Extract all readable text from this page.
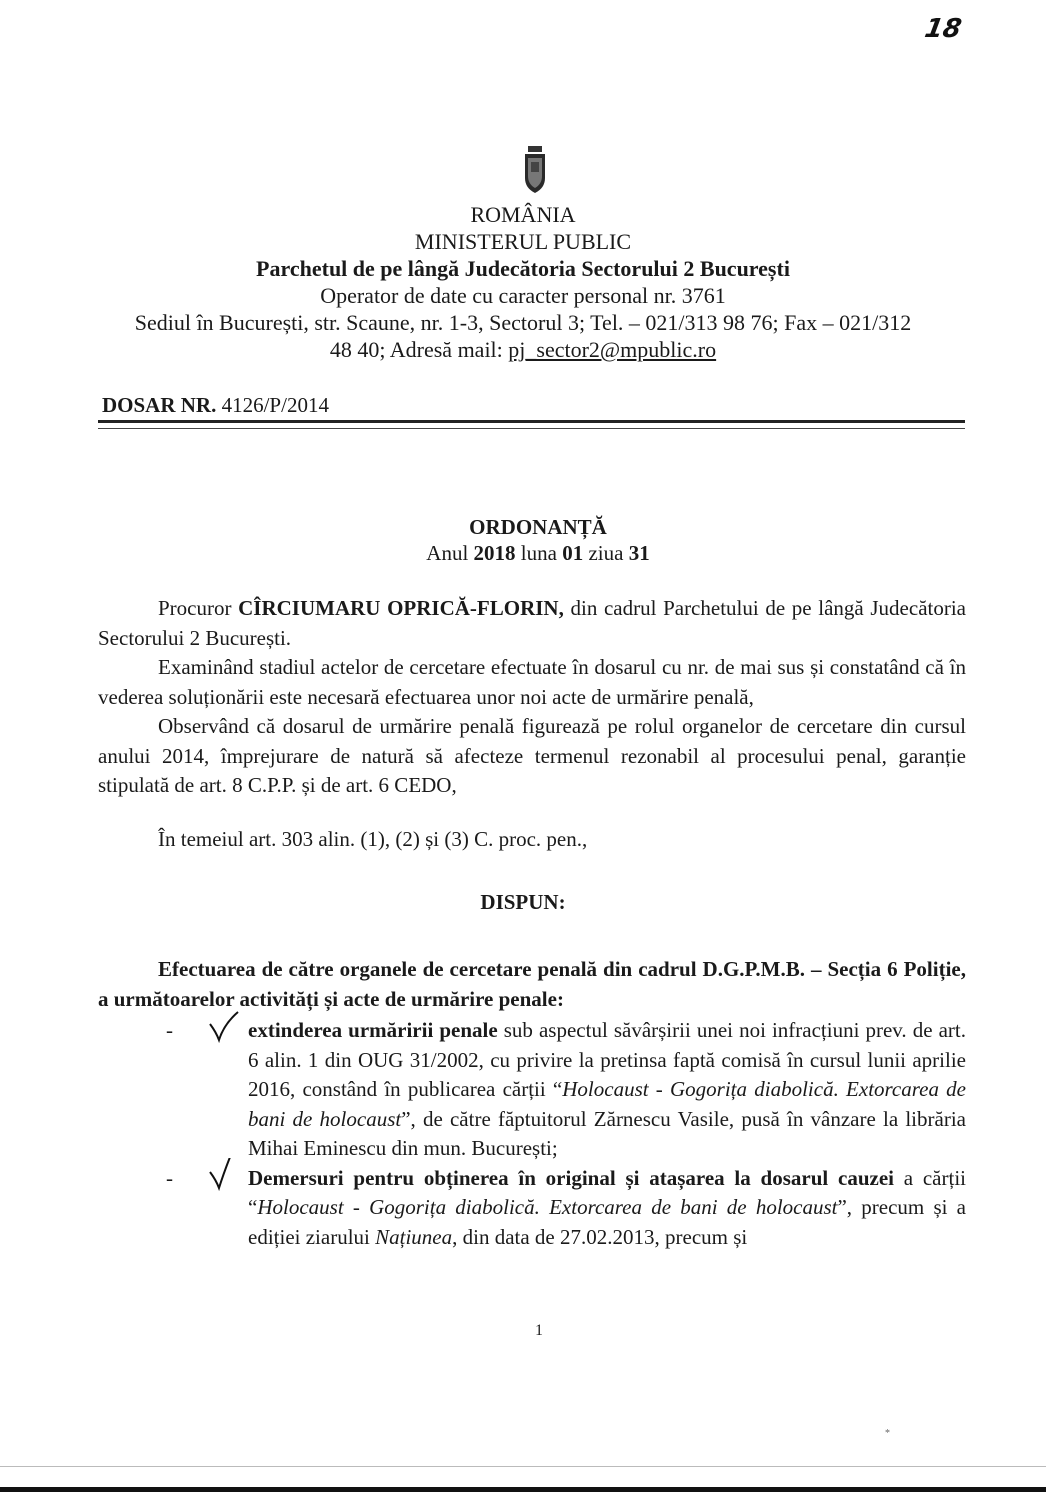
18
ROMÂNIA
MINISTERUL PUBLIC
Parchetul de pe lângă Judecătoria Sectorului 2 București
Operator de date cu caracter personal nr. 3761
Sediul în București, str. Scaune, nr. 1-3, Sectorul 3; Tel. – 021/313 98 76; Fax – 021/312
48 40; Adresă mail: pj_sector2@mpublic.ro
DOSAR NR. 4126/P/2014
ORDONANȚĂ
Anul 2018 luna 01 ziua 31

Procuror CÎRCIUMARU OPRICĂ-FLORIN, din cadrul Parchetului de pe lângă Judecătoria Sectorului 2 București.

Examinând stadiul actelor de cercetare efectuate în dosarul cu nr. de mai sus și constatând că în vederea soluționării este necesară efectuarea unor noi acte de urmărire penală,

Observând că dosarul de urmărire penală figurează pe rolul organelor de cercetare din cursul anului 2014, împrejurare de natură să afecteze termenul rezonabil al procesului penal, garanție stipulată de art. 8 C.P.P. și de art. 6 CEDO,

În temeiul art. 303 alin. (1), (2) și (3) C. proc. pen.,

DISPUN:

Efectuarea de către organele de cercetare penală din cadrul D.G.P.M.B. – Secția 6 Poliție, a următoarelor activități și acte de urmărire penale:

-	extinderea urmăririi penale sub aspectul săvârșirii unei noi infracțiuni prev. de art. 6 alin. 1 din OUG 31/2002, cu privire la pretinsa faptă comisă în cursul lunii aprilie 2016, constând în publicarea cărții “Holocaust - Gogorița diabolică. Extorcarea de bani de holocaust”, de către făptuitorul Zărnescu Vasile, pusă în vânzare la librăria Mihai Eminescu din mun. București;
-	Demersuri pentru obținerea în original și atașarea la dosarul cauzei a cărții “Holocaust - Gogorița diabolică. Extorcarea de bani de holocaust”, precum și a ediției ziarului Națiunea, din data de 27.02.2013, precum și
1
*
